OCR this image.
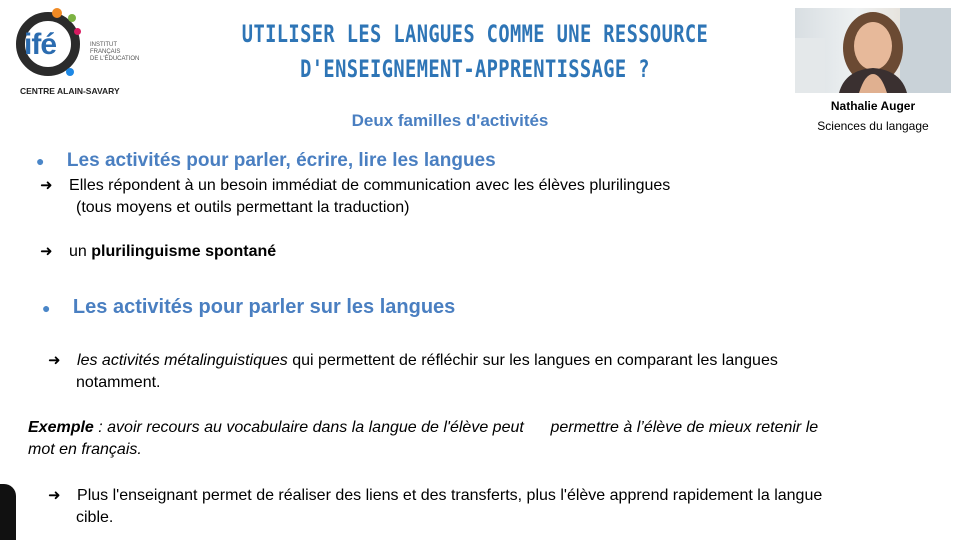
ifé	INSTITUT
FRANÇAIS
DE L'ÉDUCATION
CENTRE ALAIN-SAVARY
UTILISER LES LANGUES COMME UNE RESSOURCE
D'ENSEIGNEMENT-APPRENTISSAGE ?
Nathalie Auger
Sciences du langage
Deux familles d'activités
● Les activités pour parler, écrire, lire les langues
➜ Elles répondent à un besoin immédiat de communication avec les élèves plurilingues
(tous moyens et outils permettant la traduction)
➜ un plurilinguisme spontané
● Les activités pour parler sur les langues
➜ les activités métalinguistiques qui permettent de réfléchir sur les langues en comparant les langues
notamment.
Exemple : avoir recours au vocabulaire dans la langue de l'élève peut      permettre à l’élève de mieux retenir le
mot en français.
➜ Plus l'enseignant permet de réaliser des liens et des transferts, plus l'élève apprend rapidement la langue
cible.
